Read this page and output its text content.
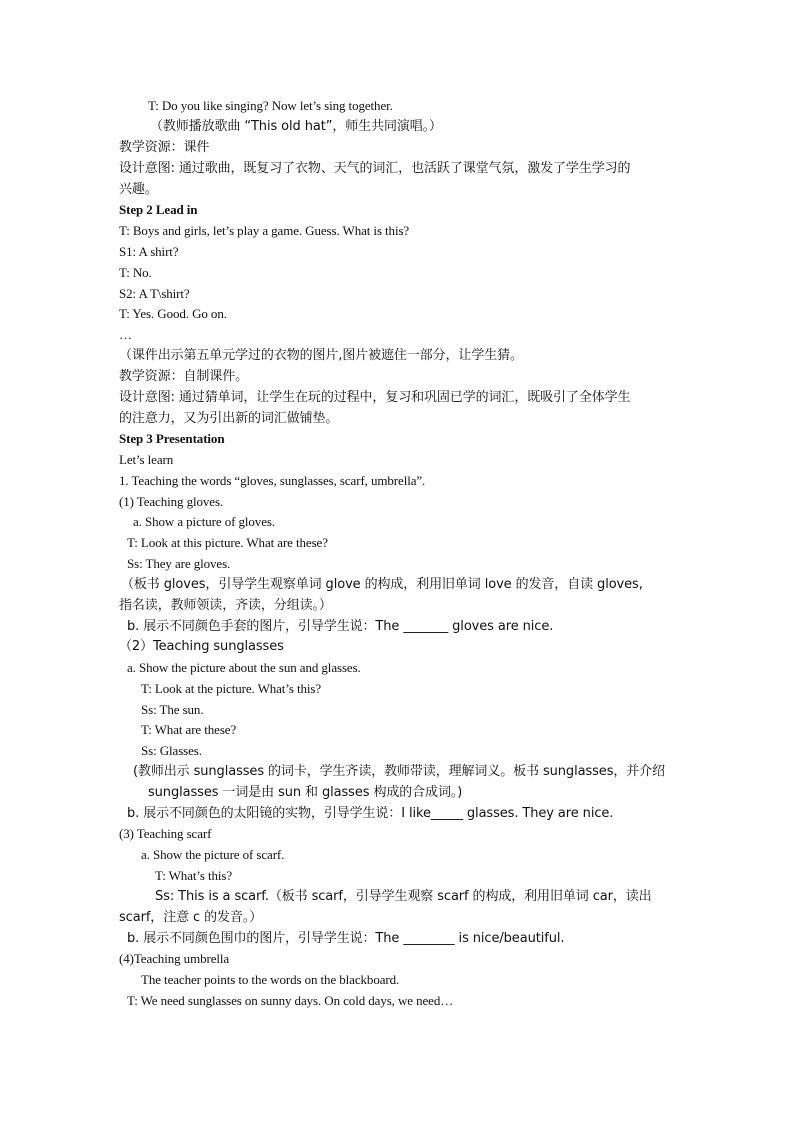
T: Do you like singing? Now let’s sing together.
（教师播放歌曲 “This old hat”，师生共同演唱。）
教学资源：课件
设计意图: 通过歌曲，既复习了衣物、天气的词汇，也活跃了课堂气氛，激发了学生学习的
兴趣。
Step 2 Lead in
T: Boys and girls, let’s play a game. Guess. What is this?
S1: A shirt?
T: No.
S2: A T\shirt?
T: Yes. Good. Go on.
…
（课件出示第五单元学过的衣物的图片,图片被遮住一部分，让学生猜。
教学资源：自制课件。
设计意图: 通过猜单词，让学生在玩的过程中，复习和巩固已学的词汇，既吸引了全体学生
的注意力，又为引出新的词汇做铺垫。
Step 3 Presentation
Let’s learn
1. Teaching the words “gloves, sunglasses, scarf, umbrella”.
(1) Teaching gloves.
a. Show a picture of gloves.
T: Look at this picture. What are these?
Ss: They are gloves.
（板书 gloves，引导学生观察单词 glove 的构成，利用旧单词 love 的发音，自读 gloves,
指名读，教师领读，齐读，分组读。）
b. 展示不同颜色手套的图片，引导学生说：The _______ gloves are nice.
（2）Teaching sunglasses
a. Show the picture about the sun and glasses.
T: Look at the picture. What’s this?
Ss: The sun.
T: What are these?
Ss: Glasses.
(教师出示 sunglasses 的词卡，学生齐读，教师带读，理解词义。板书 sunglasses，并介绍
sunglasses 一词是由 sun 和 glasses 构成的合成词。)
b. 展示不同颜色的太阳镜的实物，引导学生说：I like_____ glasses. They are nice.
(3) Teaching scarf
a. Show the picture of scarf.
T: What’s this?
Ss: This is a scarf.（板书 scarf，引导学生观察 scarf 的构成，利用旧单词 car，读出
scarf，注意 c 的发音。）
b. 展示不同颜色围巾的图片，引导学生说：The ________ is nice/beautiful.
(4)Teaching umbrella
The teacher points to the words on the blackboard.
T: We need sunglasses on sunny days. On cold days, we need…
